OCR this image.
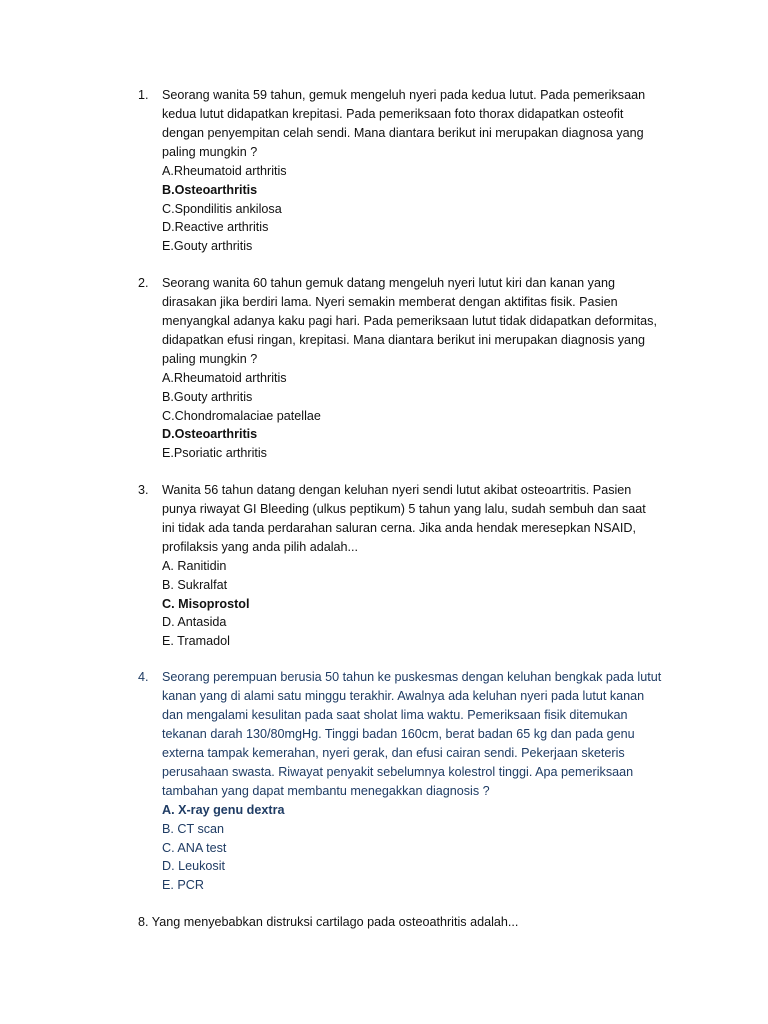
1.	Seorang wanita 59 tahun, gemuk mengeluh nyeri pada kedua lutut. Pada pemeriksaan
kedua lutut didapatkan krepitasi. Pada pemeriksaan foto thorax didapatkan osteofit
dengan penyempitan celah sendi. Mana diantara berikut ini merupakan diagnosa yang
paling mungkin ?
A.Rheumatoid arthritis
B.Osteoarthritis
C.Spondilitis ankilosa
D.Reactive arthritis
E.Gouty arthritis
2.	Seorang wanita 60 tahun gemuk datang mengeluh nyeri lutut kiri dan kanan yang
dirasakan jika berdiri lama. Nyeri semakin memberat dengan aktifitas fisik. Pasien
menyangkal adanya kaku pagi hari. Pada pemeriksaan lutut tidak didapatkan deformitas,
didapatkan efusi ringan, krepitasi. Mana diantara berikut ini merupakan diagnosis yang
paling mungkin ?
A.Rheumatoid arthritis
B.Gouty arthritis
C.Chondromalaciae patellae
D.Osteoarthritis
E.Psoriatic arthritis
3.	Wanita 56 tahun datang dengan keluhan nyeri sendi lutut akibat osteoartritis. Pasien
punya riwayat GI Bleeding (ulkus peptikum) 5 tahun yang lalu, sudah sembuh dan saat
ini tidak ada tanda perdarahan saluran cerna. Jika anda hendak meresepkan NSAID,
profilaksis yang anda pilih adalah...
A. Ranitidin
B. Sukralfat
C. Misoprostol
D. Antasida
E. Tramadol
4.	Seorang perempuan berusia 50 tahun ke puskesmas dengan keluhan bengkak pada lutut
kanan yang di alami satu minggu terakhir. Awalnya ada keluhan nyeri pada lutut kanan
dan mengalami kesulitan pada saat sholat lima waktu. Pemeriksaan fisik ditemukan
tekanan darah 130/80mgHg. Tinggi badan 160cm, berat badan 65 kg dan pada genu
externa tampak kemerahan, nyeri gerak, dan efusi cairan sendi. Pekerjaan sketeris
perusahaan swasta. Riwayat penyakit sebelumnya kolestrol tinggi. Apa pemeriksaan
tambahan yang dapat membantu menegakkan diagnosis ?
A. X-ray genu dextra
B. CT scan
C. ANA test
D. Leukosit
E. PCR
8. Yang menyebabkan distruksi cartilago pada osteoathritis adalah...
